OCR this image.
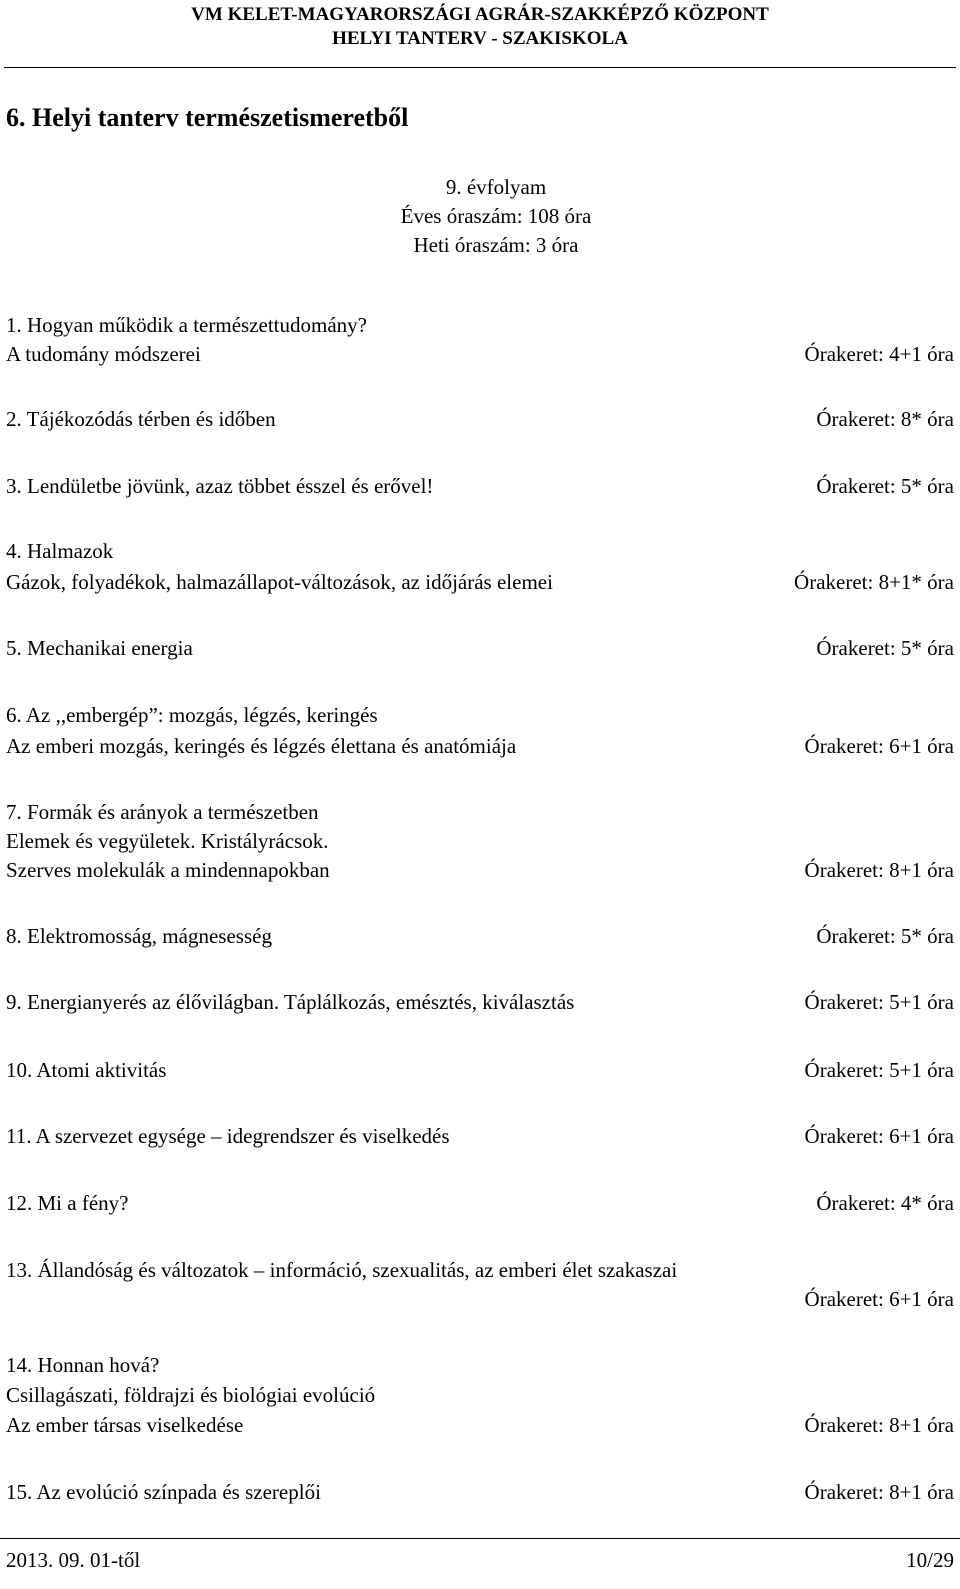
VM KELET-MAGYARORSZÁGI AGRÁR-SZAKKÉPZŐ KÖZPONT
HELYI TANTERV - SZAKISKOLA
6. Helyi tanterv természetismeretből
9. évfolyam
Éves óraszám: 108 óra
Heti óraszám: 3 óra
1. Hogyan működik a természettudomány?
A tudomány módszerei	Órakeret: 4+1 óra
2. Tájékozódás térben és időben	Órakeret: 8* óra
3. Lendületbe jövünk, azaz többet ésszel és erővel!	Órakeret: 5* óra
4. Halmazok
Gázok, folyadékok, halmazállapot-változások, az időjárás elemei	Órakeret: 8+1* óra
5. Mechanikai energia	Órakeret: 5* óra
6. Az ,,embergép”: mozgás, légzés, keringés
Az emberi mozgás, keringés és légzés élettana és anatómiája	Órakeret: 6+1 óra
7. Formák és arányok a természetben
Elemek és vegyületek. Kristályrácsok.
Szerves molekulák a mindennapokban	Órakeret: 8+1 óra
8. Elektromosság, mágnesesség	Órakeret: 5* óra
9. Energianyerés az élővilágban. Táplálkozás, emésztés, kiválasztás	Órakeret: 5+1 óra
10. Atomi aktivitás	Órakeret: 5+1 óra
11. A szervezet egysége – idegrendszer és viselkedés	Órakeret: 6+1 óra
12. Mi a fény?	Órakeret: 4* óra
13. Állandóság és változatok – információ, szexualitás, az emberi élet szakaszai
Órakeret: 6+1 óra
14. Honnan hová?
Csillagászati, földrajzi és biológiai evolúció
Az ember társas viselkedése	Órakeret: 8+1 óra
15. Az evolúció színpada és szereplői	Órakeret: 8+1 óra
2013. 09. 01-től	10/29
